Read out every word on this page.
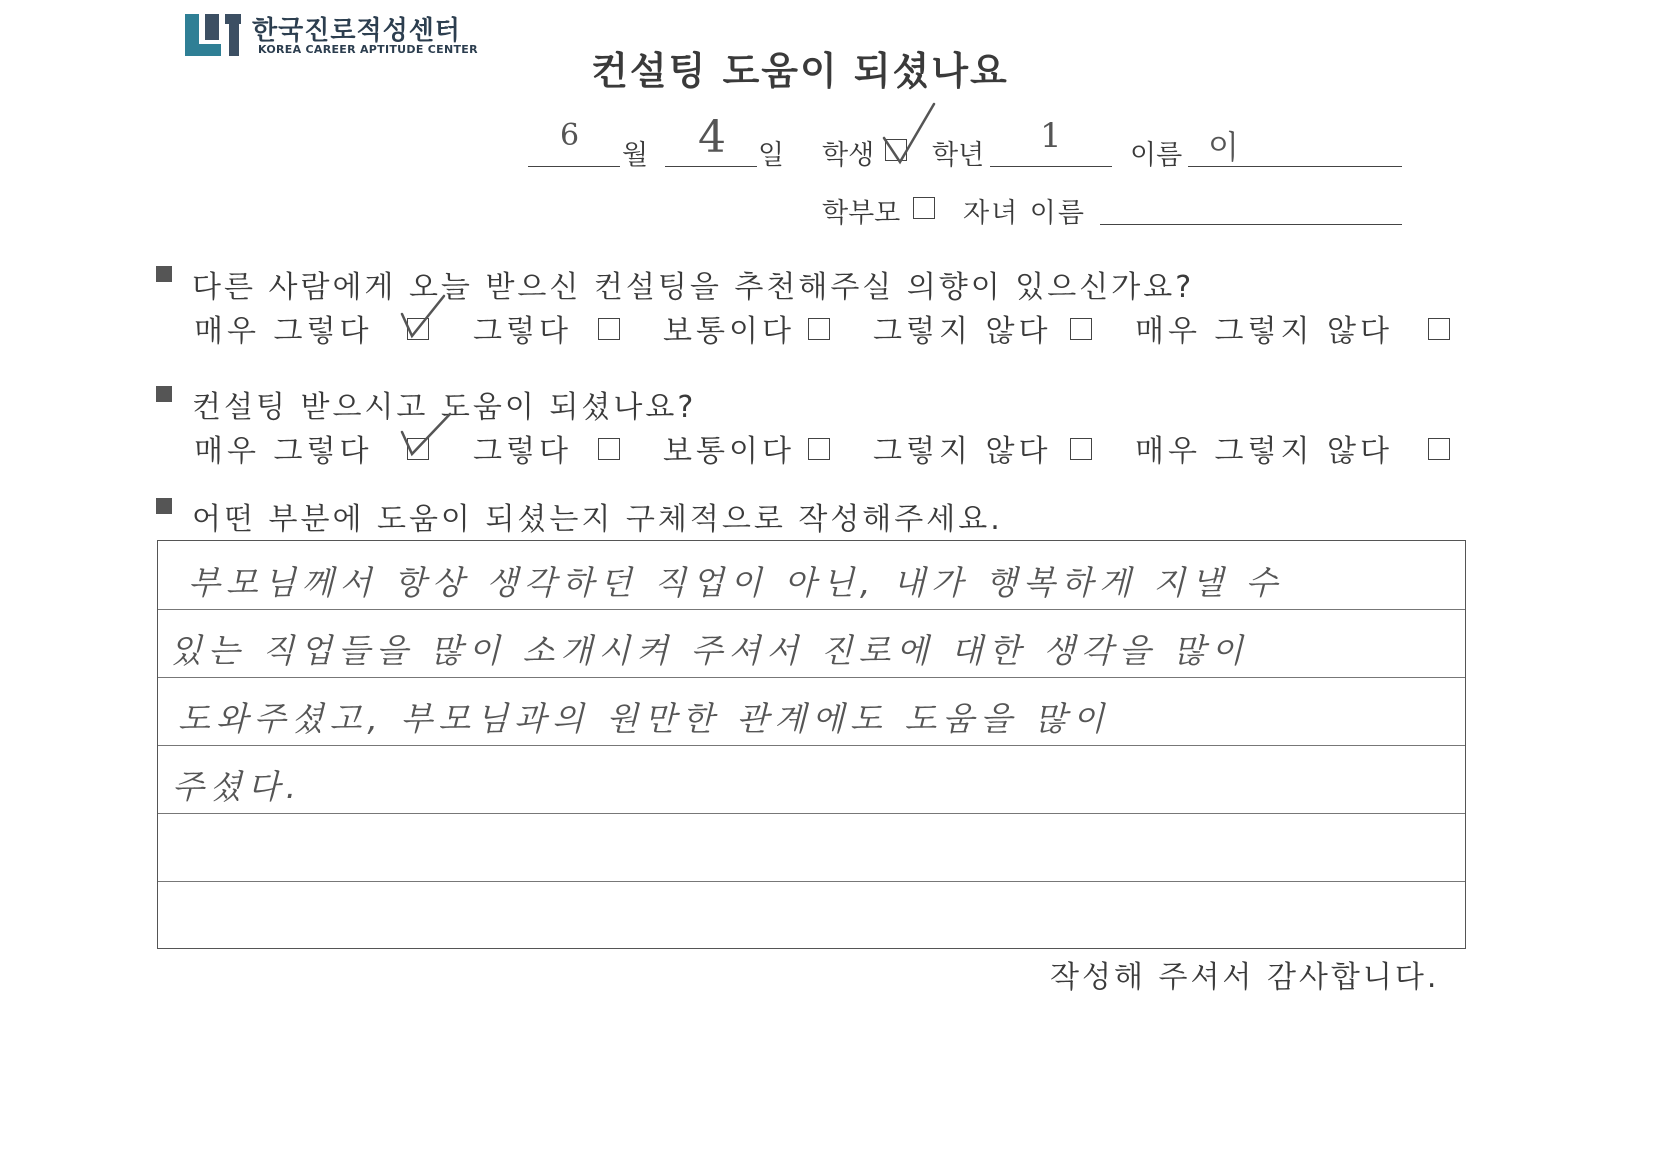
한국진로적성센터
KOREA CAREER APTITUDE CENTER	컨설팅 도움이 되셨나요
6
월 4 일 학생 학년 1	이름 이
학부모 자녀 이름
다른 사람에게 오늘 받으신 컨설팅을 추천해주실 의향이 있으신가요?
매우 그렇다	그렇다	보통이다	그렇지 않다	매우 그렇지 않다
컨설팅 받으시고 도움이 되셨나요?
매우 그렇다	그렇다	보통이다	그렇지 않다	매우 그렇지 않다
어떤 부분에 도움이 되셨는지 구체적으로 작성해주세요.
부모님께서 항상 생각하던 직업이 아닌, 내가 행복하게 지낼 수
있는 직업들을 많이 소개시켜 주셔서 진로에 대한 생각을 많이
도와주셨고, 부모님과의 원만한 관계에도 도움을 많이
주셨다.
작성해 주셔서 감사합니다.
